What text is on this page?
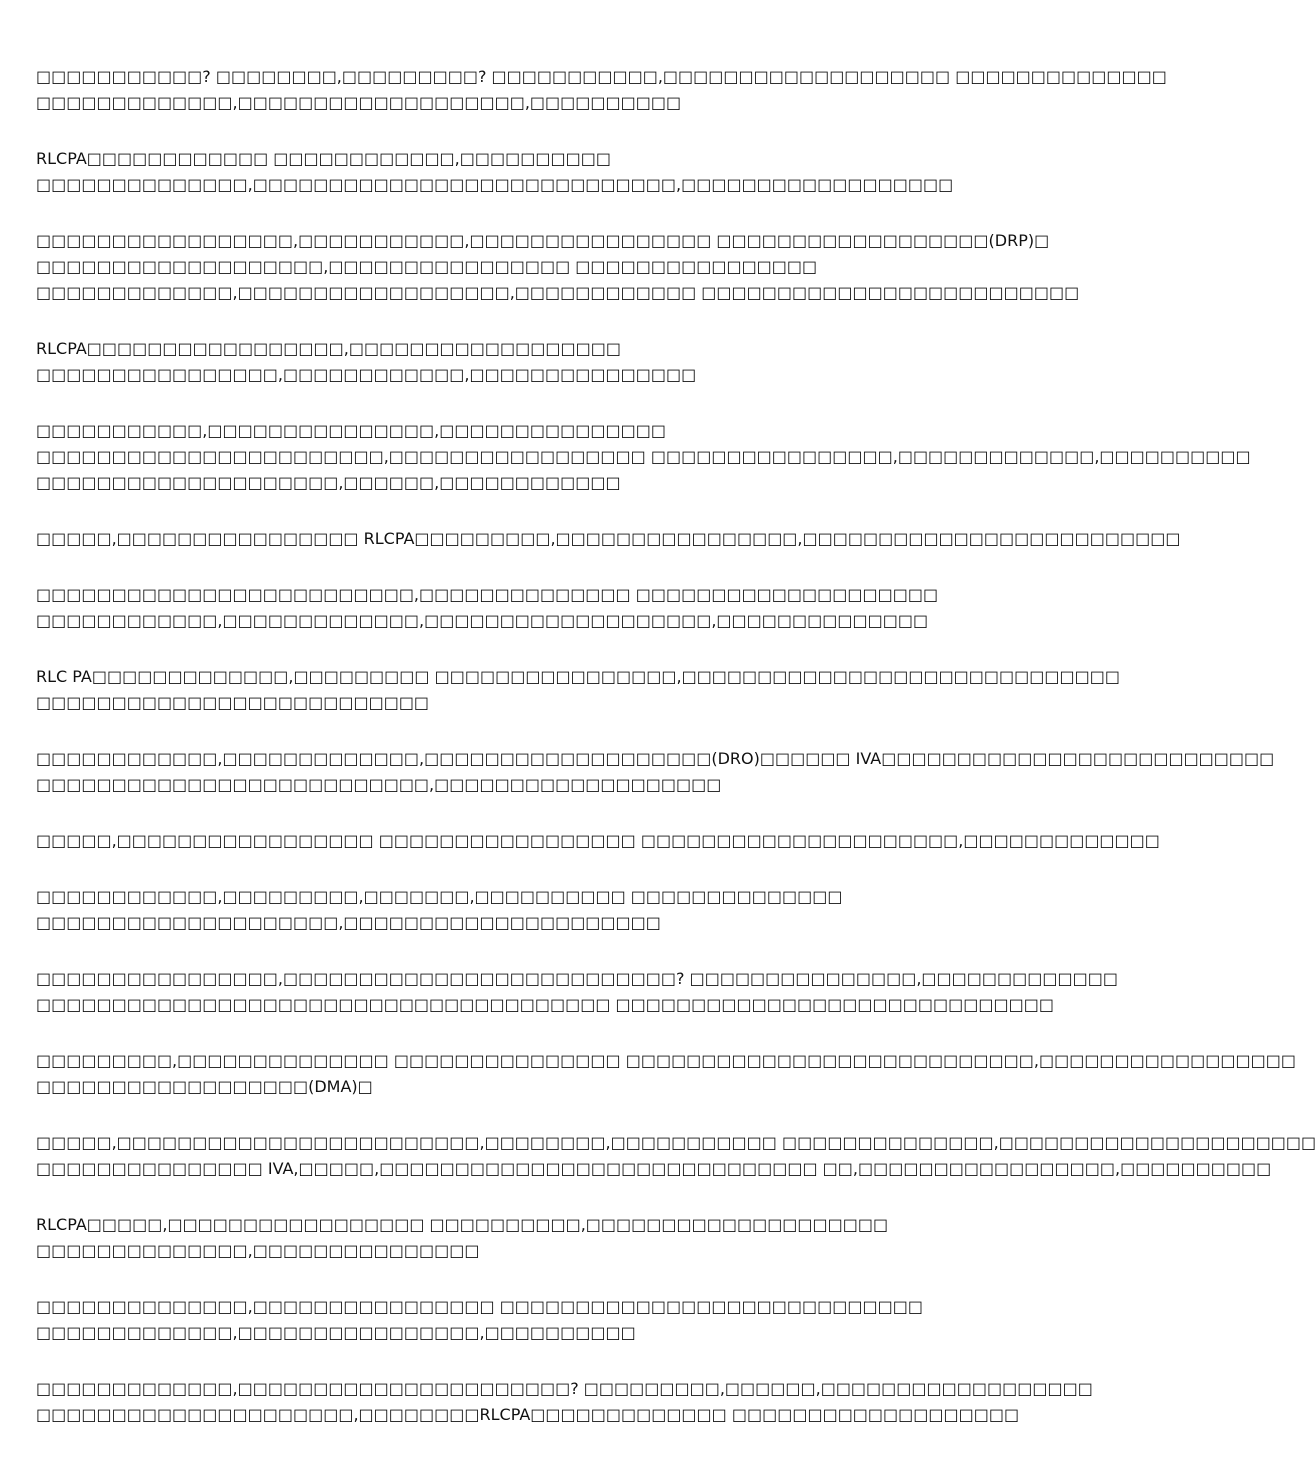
□□□□□□□□□□□? □□□□□□□□,□□□□□□□□□? □□□□□□□□□□□,□□□□□□□□□□□□□□□□□□□ □□□□□□□□□□□□□□
□□□□□□□□□□□□□,□□□□□□□□□□□□□□□□□□□,□□□□□□□□□□
RLCPA□□□□□□□□□□□□ □□□□□□□□□□□□,□□□□□□□□□□
□□□□□□□□□□□□□□,□□□□□□□□□□□□□□□□□□□□□□□□□□□□,□□□□□□□□□□□□□□□□□□
□□□□□□□□□□□□□□□□□,□□□□□□□□□□□,□□□□□□□□□□□□□□□□ □□□□□□□□□□□□□□□□□□(DRP)□
□□□□□□□□□□□□□□□□□□□,□□□□□□□□□□□□□□□□ □□□□□□□□□□□□□□□□
□□□□□□□□□□□□□,□□□□□□□□□□□□□□□□□□,□□□□□□□□□□□□ □□□□□□□□□□□□□□□□□□□□□□□□□
RLCPA□□□□□□□□□□□□□□□□□,□□□□□□□□□□□□□□□□□□
□□□□□□□□□□□□□□□□,□□□□□□□□□□□□,□□□□□□□□□□□□□□□
□□□□□□□□□□□,□□□□□□□□□□□□□□□,□□□□□□□□□□□□□□□
□□□□□□□□□□□□□□□□□□□□□□□,□□□□□□□□□□□□□□□□□ □□□□□□□□□□□□□□□□,□□□□□□□□□□□□□,□□□□□□□□□□
□□□□□□□□□□□□□□□□□□□□,□□□□□□,□□□□□□□□□□□□
□□□□□,□□□□□□□□□□□□□□□□ RLCPA□□□□□□□□□,□□□□□□□□□□□□□□□□,□□□□□□□□□□□□□□□□□□□□□□□□□
□□□□□□□□□□□□□□□□□□□□□□□□□,□□□□□□□□□□□□□□ □□□□□□□□□□□□□□□□□□□□
□□□□□□□□□□□□,□□□□□□□□□□□□□,□□□□□□□□□□□□□□□□□□□,□□□□□□□□□□□□□□
RLC PA□□□□□□□□□□□□□,□□□□□□□□□ □□□□□□□□□□□□□□□□,□□□□□□□□□□□□□□□□□□□□□□□□□□□□□
□□□□□□□□□□□□□□□□□□□□□□□□□□
□□□□□□□□□□□□,□□□□□□□□□□□□□,□□□□□□□□□□□□□□□□□□□(DRO)□□□□□□ IVA□□□□□□□□□□□□□□□□□□□□□□□□□□
□□□□□□□□□□□□□□□□□□□□□□□□□□,□□□□□□□□□□□□□□□□□□□
□□□□□,□□□□□□□□□□□□□□□□□ □□□□□□□□□□□□□□□□□ □□□□□□□□□□□□□□□□□□□□□,□□□□□□□□□□□□□
□□□□□□□□□□□□,□□□□□□□□□,□□□□□□□,□□□□□□□□□□ □□□□□□□□□□□□□□
□□□□□□□□□□□□□□□□□□□□,□□□□□□□□□□□□□□□□□□□□□
□□□□□□□□□□□□□□□□,□□□□□□□□□□□□□□□□□□□□□□□□□□? □□□□□□□□□□□□□□□,□□□□□□□□□□□□□
□□□□□□□□□□□□□□□□□□□□□□□□□□□□□□□□□□□□□□ □□□□□□□□□□□□□□□□□□□□□□□□□□□□□
□□□□□□□□□,□□□□□□□□□□□□□□ □□□□□□□□□□□□□□□ □□□□□□□□□□□□□□□□□□□□□□□□□□□,□□□□□□□□□□□□□□□□□
□□□□□□□□□□□□□□□□□□(DMA)□
□□□□□,□□□□□□□□□□□□□□□□□□□□□□□□,□□□□□□□□,□□□□□□□□□□□ □□□□□□□□□□□□□□,□□□□□□□□□□□□□□□□□□□□□
□□□□□□□□□□□□□□□ IVA,□□□□□,□□□□□□□□□□□□□□□□□□□□□□□□□□□□□ □□,□□□□□□□□□□□□□□□□□,□□□□□□□□□□
RLCPA□□□□□,□□□□□□□□□□□□□□□□□ □□□□□□□□□□,□□□□□□□□□□□□□□□□□□□□
□□□□□□□□□□□□□□,□□□□□□□□□□□□□□□
□□□□□□□□□□□□□□,□□□□□□□□□□□□□□□□ □□□□□□□□□□□□□□□□□□□□□□□□□□□□
□□□□□□□□□□□□□,□□□□□□□□□□□□□□□□,□□□□□□□□□□
□□□□□□□□□□□□□,□□□□□□□□□□□□□□□□□□□□□□? □□□□□□□□□,□□□□□□,□□□□□□□□□□□□□□□□□□
□□□□□□□□□□□□□□□□□□□□□,□□□□□□□□RLCPA□□□□□□□□□□□□□ □□□□□□□□□□□□□□□□□□□
